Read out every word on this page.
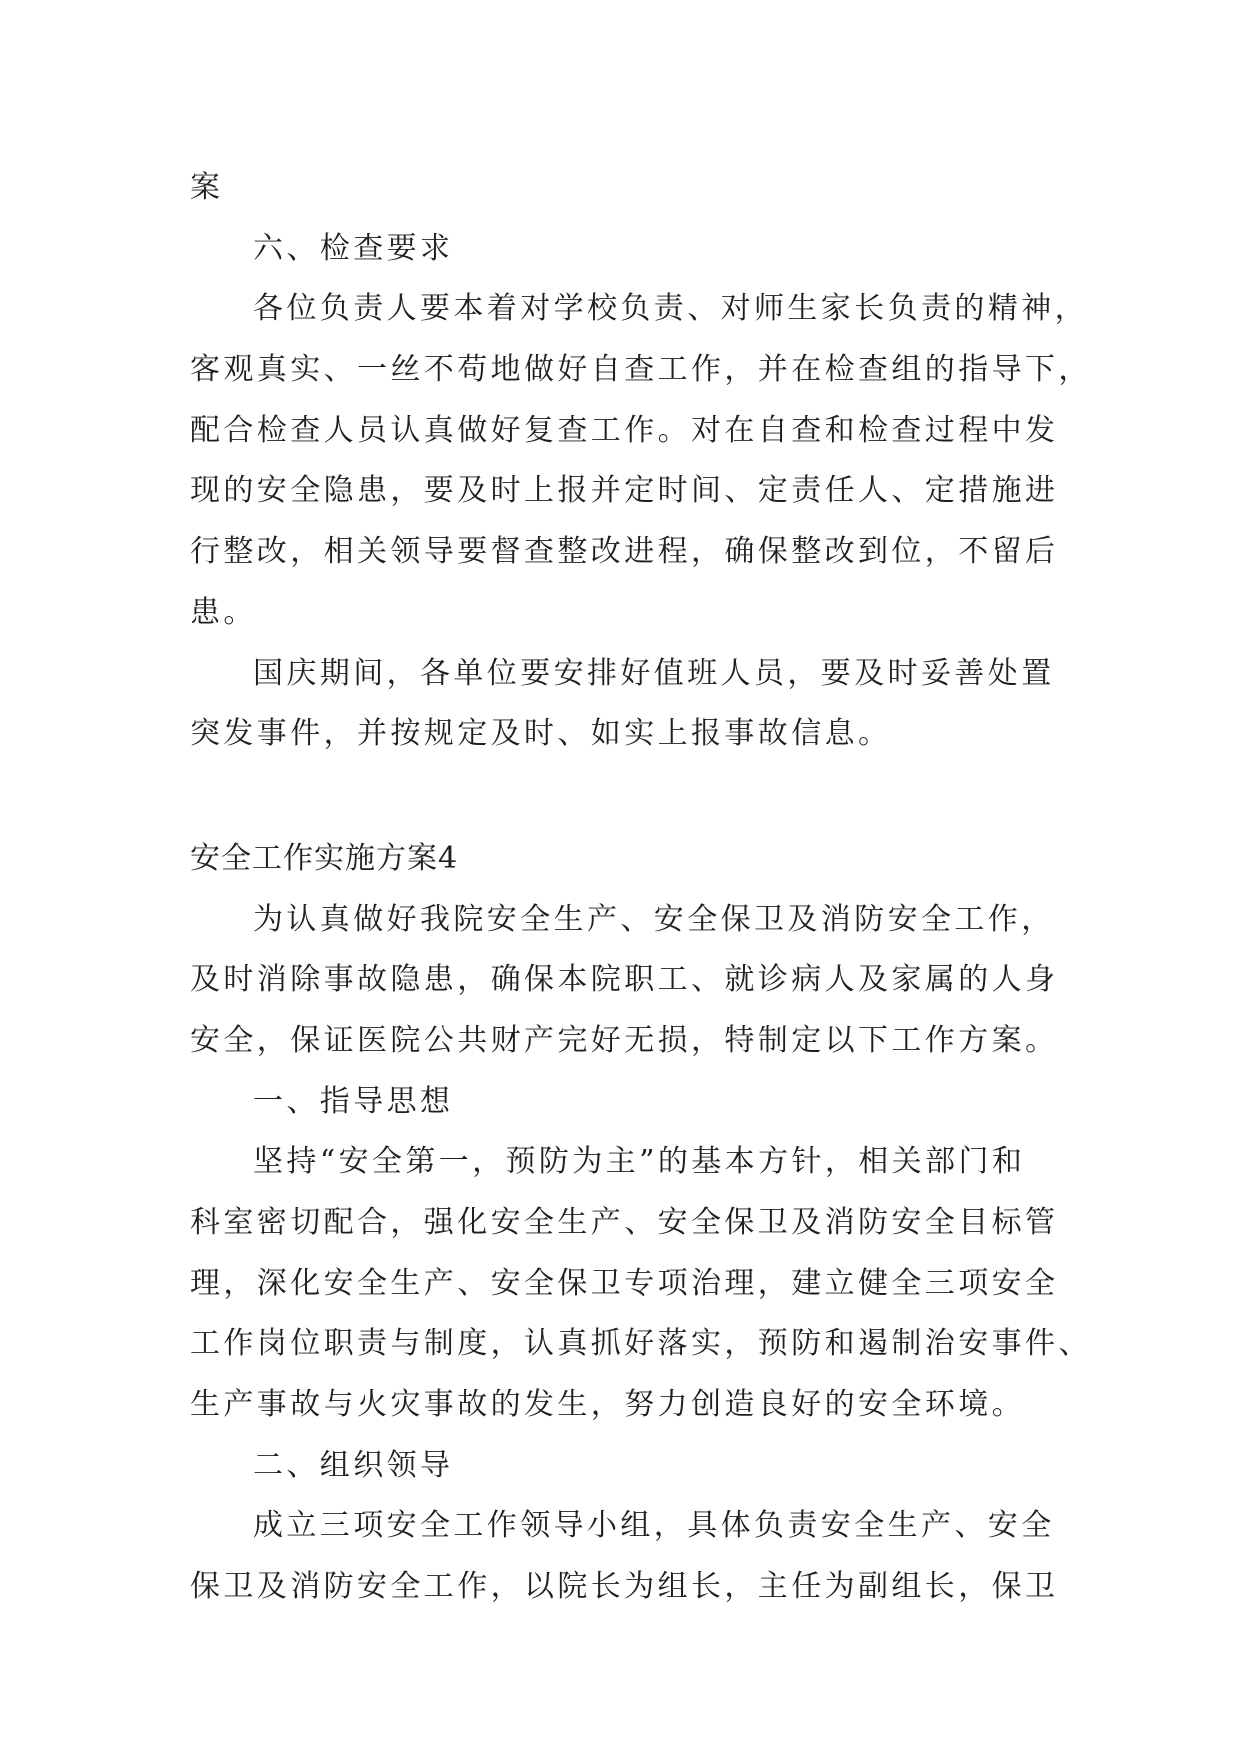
案
六、检查要求
各位负责人要本着对学校负责、对师生家长负责的精神，
客观真实、一丝不苟地做好自查工作，并在检查组的指导下，
配合检查人员认真做好复查工作。对在自查和检查过程中发
现的安全隐患，要及时上报并定时间、定责任人、定措施进
行整改，相关领导要督查整改进程，确保整改到位，不留后
患。
国庆期间，各单位要安排好值班人员，要及时妥善处置
突发事件，并按规定及时、如实上报事故信息。
安全工作实施方案4
为认真做好我院安全生产、安全保卫及消防安全工作，
及时消除事故隐患，确保本院职工、就诊病人及家属的人身
安全，保证医院公共财产完好无损，特制定以下工作方案。
一、指导思想
坚持“安全第一，预防为主”的基本方针，相关部门和
科室密切配合，强化安全生产、安全保卫及消防安全目标管
理，深化安全生产、安全保卫专项治理，建立健全三项安全
工作岗位职责与制度，认真抓好落实，预防和遏制治安事件、
生产事故与火灾事故的发生，努力创造良好的安全环境。
二、组织领导
成立三项安全工作领导小组，具体负责安全生产、安全
保卫及消防安全工作，以院长为组长，主任为副组长，保卫
